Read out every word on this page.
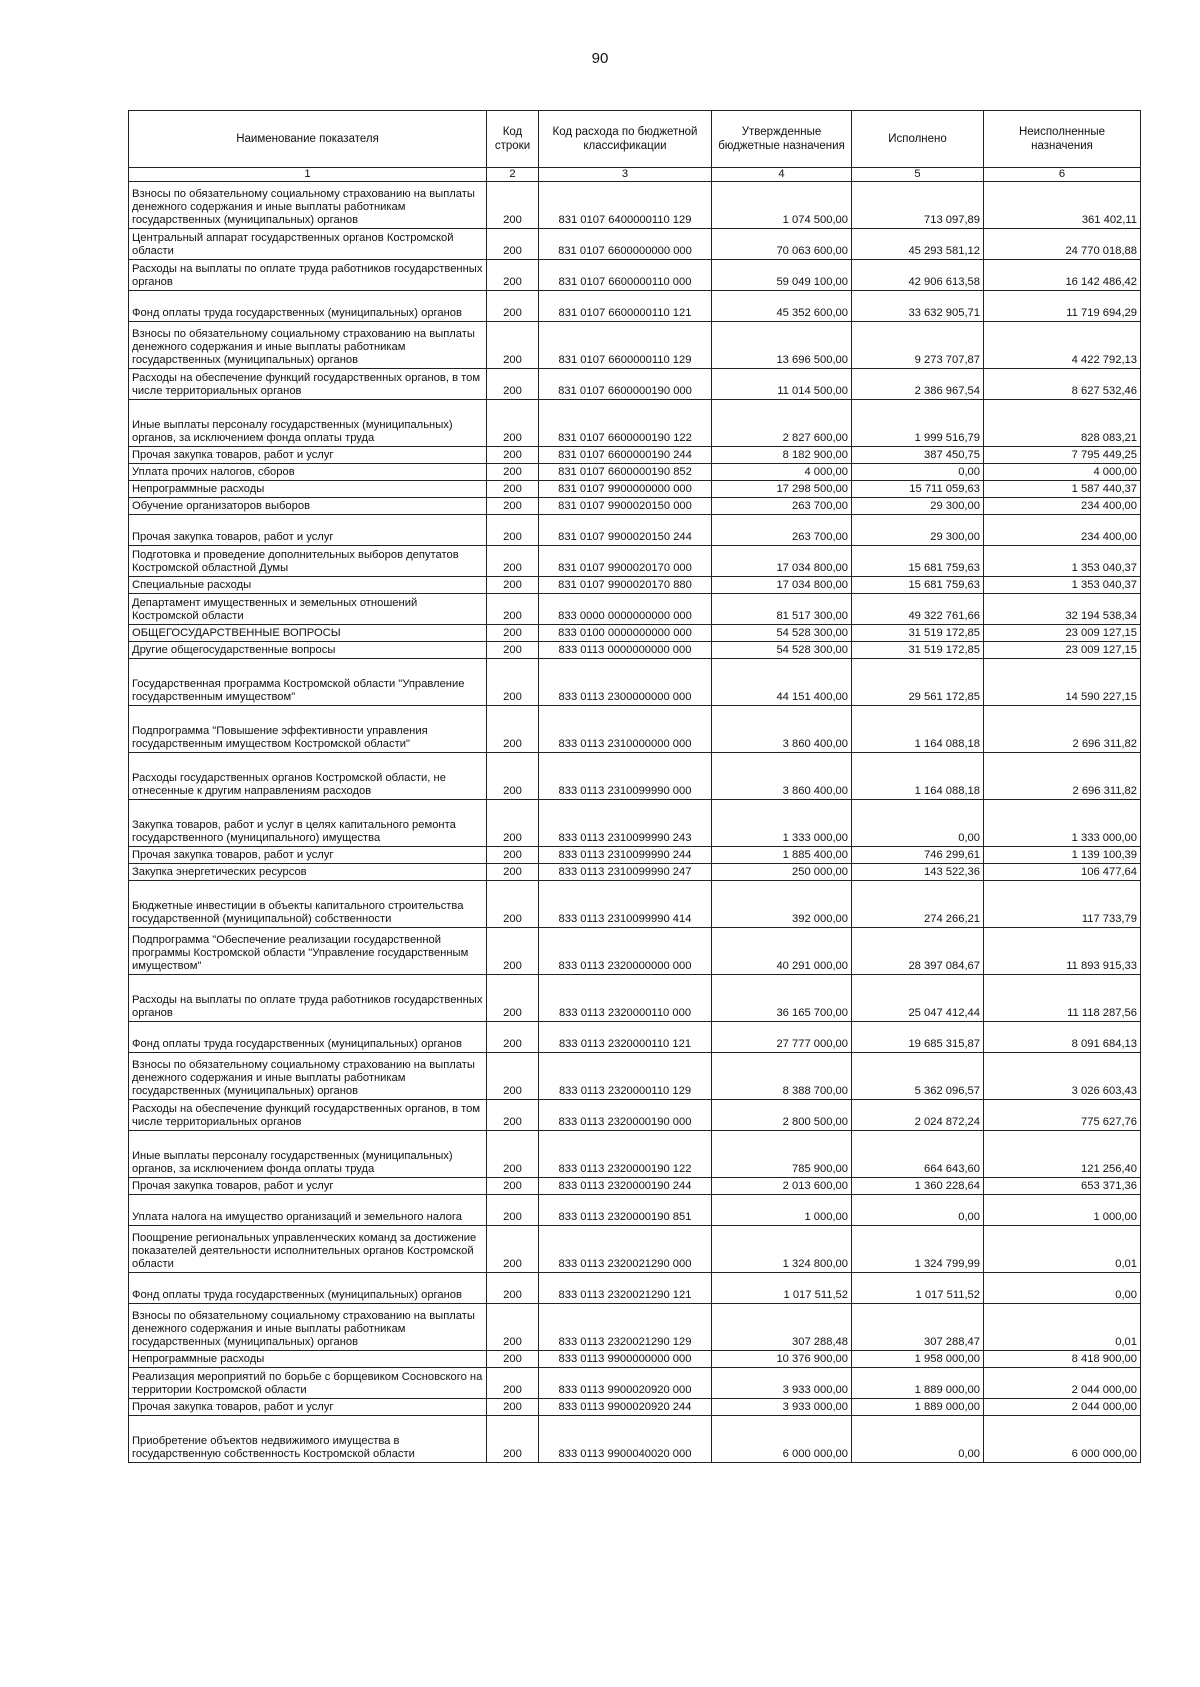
90
Наименование показателя	Код строки	Код расхода по бюджетной классификации	Утвержденные бюджетные назначения	Исполнено	Неисполненные назначения
1	2	3	4	5	6
Взносы по обязательному социальному страхованию на выплаты денежного содержания и иные выплаты работникам государственных (муниципальных) органов	200	831 0107 6400000110 129	1 074 500,00	713 097,89	361 402,11
Центральный аппарат государственных органов Костромской области	200	831 0107 6600000000 000	70 063 600,00	45 293 581,12	24 770 018,88
Расходы на выплаты по оплате труда работников государственных органов	200	831 0107 6600000110 000	59 049 100,00	42 906 613,58	16 142 486,42
Фонд оплаты труда государственных (муниципальных) органов	200	831 0107 6600000110 121	45 352 600,00	33 632 905,71	11 719 694,29
Взносы по обязательному социальному страхованию на выплаты денежного содержания и иные выплаты работникам государственных (муниципальных) органов	200	831 0107 6600000110 129	13 696 500,00	9 273 707,87	4 422 792,13
Расходы на обеспечение функций государственных органов, в том числе территориальных органов	200	831 0107 6600000190 000	11 014 500,00	2 386 967,54	8 627 532,46
Иные выплаты персоналу государственных (муниципальных) органов, за исключением фонда оплаты труда	200	831 0107 6600000190 122	2 827 600,00	1 999 516,79	828 083,21
Прочая закупка товаров, работ и услуг	200	831 0107 6600000190 244	8 182 900,00	387 450,75	7 795 449,25
Уплата прочих налогов, сборов	200	831 0107 6600000190 852	4 000,00	0,00	4 000,00
Непрограммные расходы	200	831 0107 9900000000 000	17 298 500,00	15 711 059,63	1 587 440,37
Обучение организаторов выборов	200	831 0107 9900020150 000	263 700,00	29 300,00	234 400,00
Прочая закупка товаров, работ и услуг	200	831 0107 9900020150 244	263 700,00	29 300,00	234 400,00
Подготовка и проведение дополнительных выборов депутатов Костромской областной Думы	200	831 0107 9900020170 000	17 034 800,00	15 681 759,63	1 353 040,37
Специальные расходы	200	831 0107 9900020170 880	17 034 800,00	15 681 759,63	1 353 040,37
Департамент имущественных и земельных отношений Костромской области	200	833 0000 0000000000 000	81 517 300,00	49 322 761,66	32 194 538,34
ОБЩЕГОСУДАРСТВЕННЫЕ ВОПРОСЫ	200	833 0100 0000000000 000	54 528 300,00	31 519 172,85	23 009 127,15
Другие общегосударственные вопросы	200	833 0113 0000000000 000	54 528 300,00	31 519 172,85	23 009 127,15
Государственная программа Костромской области "Управление государственным имуществом"	200	833 0113 2300000000 000	44 151 400,00	29 561 172,85	14 590 227,15
Подпрограмма "Повышение эффективности управления государственным имуществом Костромской области"	200	833 0113 2310000000 000	3 860 400,00	1 164 088,18	2 696 311,82
Расходы государственных органов Костромской области, не отнесенные к другим направлениям расходов	200	833 0113 2310099990 000	3 860 400,00	1 164 088,18	2 696 311,82
Закупка товаров, работ и услуг в целях капитального ремонта государственного (муниципального) имущества	200	833 0113 2310099990 243	1 333 000,00	0,00	1 333 000,00
Прочая закупка товаров, работ и услуг	200	833 0113 2310099990 244	1 885 400,00	746 299,61	1 139 100,39
Закупка энергетических ресурсов	200	833 0113 2310099990 247	250 000,00	143 522,36	106 477,64
Бюджетные инвестиции в объекты капитального строительства государственной (муниципальной) собственности	200	833 0113 2310099990 414	392 000,00	274 266,21	117 733,79
Подпрограмма "Обеспечение реализации государственной программы Костромской области "Управление государственным имуществом"	200	833 0113 2320000000 000	40 291 000,00	28 397 084,67	11 893 915,33
Расходы на выплаты по оплате труда работников государственных органов	200	833 0113 2320000110 000	36 165 700,00	25 047 412,44	11 118 287,56
Фонд оплаты труда государственных (муниципальных) органов	200	833 0113 2320000110 121	27 777 000,00	19 685 315,87	8 091 684,13
Взносы по обязательному социальному страхованию на выплаты денежного содержания и иные выплаты работникам государственных (муниципальных) органов	200	833 0113 2320000110 129	8 388 700,00	5 362 096,57	3 026 603,43
Расходы на обеспечение функций государственных органов, в том числе территориальных органов	200	833 0113 2320000190 000	2 800 500,00	2 024 872,24	775 627,76
Иные выплаты персоналу государственных (муниципальных) органов, за исключением фонда оплаты труда	200	833 0113 2320000190 122	785 900,00	664 643,60	121 256,40
Прочая закупка товаров, работ и услуг	200	833 0113 2320000190 244	2 013 600,00	1 360 228,64	653 371,36
Уплата налога на имущество организаций и земельного налога	200	833 0113 2320000190 851	1 000,00	0,00	1 000,00
Поощрение региональных управленческих команд за достижение показателей деятельности исполнительных органов Костромской области	200	833 0113 2320021290 000	1 324 800,00	1 324 799,99	0,01
Фонд оплаты труда государственных (муниципальных) органов	200	833 0113 2320021290 121	1 017 511,52	1 017 511,52	0,00
Взносы по обязательному социальному страхованию на выплаты денежного содержания и иные выплаты работникам государственных (муниципальных) органов	200	833 0113 2320021290 129	307 288,48	307 288,47	0,01
Непрограммные расходы	200	833 0113 9900000000 000	10 376 900,00	1 958 000,00	8 418 900,00
Реализация мероприятий по борьбе с борщевиком Сосновского на территории Костромской области	200	833 0113 9900020920 000	3 933 000,00	1 889 000,00	2 044 000,00
Прочая закупка товаров, работ и услуг	200	833 0113 9900020920 244	3 933 000,00	1 889 000,00	2 044 000,00
Приобретение объектов недвижимого имущества в государственную собственность Костромской области	200	833 0113 9900040020 000	6 000 000,00	0,00	6 000 000,00
